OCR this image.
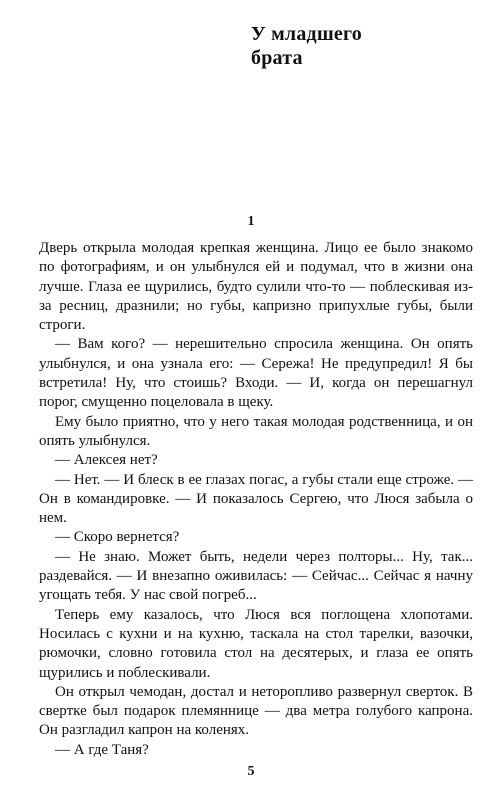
У младшего
брата
1

Дверь открыла молодая крепкая женщина. Лицо ее было знакомо по фотографиям, и он улыбнулся ей и подумал, что в жизни она лучше. Глаза ее щурились, будто сулили что-то — поблескивая из-за ресниц, дразнили; но губы, капризно припухлые губы, были строги.

— Вам кого? — нерешительно спросила женщина. Он опять улыбнулся, и она узнала его: — Сережа! Не предупредил! Я бы встретила! Ну, что стоишь? Входи. — И, когда он перешагнул порог, смущенно поцеловала в щеку.

Ему было приятно, что у него такая молодая родственница, и он опять улыбнулся.

— Алексея нет?

— Нет. — И блеск в ее глазах погас, а губы стали еще строже. — Он в командировке. — И показалось Сергею, что Люся забыла о нем.

— Скоро вернется?

— Не знаю. Может быть, недели через полторы... Ну, так... раздевайся. — И внезапно оживилась: — Сейчас... Сейчас я начну угощать тебя. У нас свой погреб...

Теперь ему казалось, что Люся вся поглощена хлопотами. Носилась с кухни и на кухню, таскала на стол тарелки, вазочки, рюмочки, словно готовила стол на десятерых, и глаза ее опять щурились и поблескивали.

Он открыл чемодан, достал и неторопливо развернул сверток. В свертке был подарок племяннице — два метра голубого капрона. Он разгладил капрон на коленях.

— А где Таня?

5
